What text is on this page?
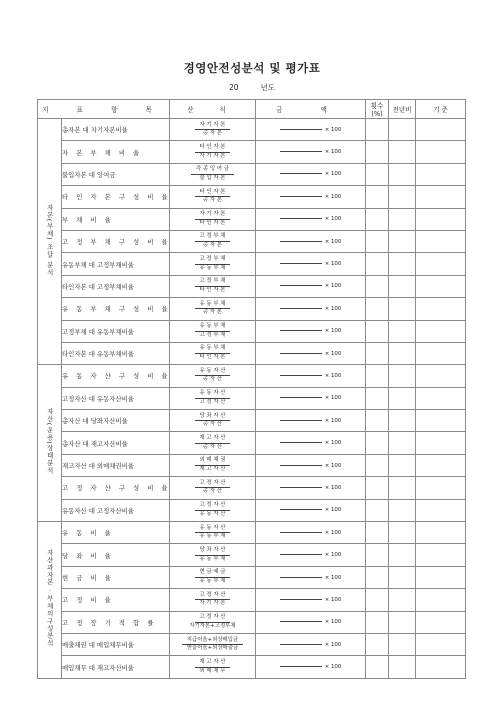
경영안전성분석 및 평가표
20	년도
지 표 항 목		산 식	금 액	횟수(%)	전년비	기 준
자본(부채) 조달 분석	총자본 대 자기자본비율	자 기 자 본
총 자 본	× 100			
	자 본 부 채 비 율	타 인 자 본
자 기 자 본	× 100			
	불입자본 대 잉여금	각 종 잉 여 금
불 입 자 본	× 100			
	타 인 자 본 구 성 비 율	타 인 자 본
총 자 본	× 100			
	부 채 비 율	자 기 자 본
타 인 자 본	× 100			
	고 정 부 채 구 성 비 율	고 정 부 채
총 자 본	× 100			
	유동부채 대 고정부채비율	고 정 부 채
유 동 부 채	× 100			
	타인자본 대 고정부채비율	고 정 부 채
타 인 자 본	× 100			
	유 동 부 채 구 성 비 율	유 동 부 채
총 자 본	× 100			
	고정부채 대 유동부채비율	유 동 부 채
고 정 부 채	× 100			
	타인자본 대 유동부채비율	유 동 부 채
타 인 자 본	× 100			
자산(운용)상태분석	유 동 자 산 구 성 비 율	유 동 자 산
총 자 산	× 100			
	고정자산 대 유동자산비율	유 동 자 산
고 정 자 산	× 100			
	총자산 대 당좌자산비율	당 좌 자 산
총 자 산	× 100			
	총자산 대 재고자산비율	재 고 자 산
총 자 산	× 100			
	재고자산 대 외매채권비율	외 매 채 권
재 고 자 산	× 100			
	고 정 자 산 구 성 비 율	고 정 자 산
총 자 산	× 100			
	유동자산 대 고정자산비율	고 정 자 산
유 동 자 산	× 100			
자산과자본 · 부채의구성분석	유 동 비 율	유 동 자 산
유 동 부 채	× 100			
	당 좌 비 율	당 좌 자 산
유 동 부 채	× 100			
	현 금 비 율	현 금 예 금
유 동 부 채	× 100			
	고 정 비 율	고 정 자 산
자 기 자 본	× 100			
	고 정 장 기 적 합 률	고 정 자 산
자기자본+고정부채	× 100			
	매출채권 대 매입채무비율	지급어음+외상매입금
받을어음+외상매출금	× 100			
	매입채무 대 재고자산비율	재 고 자 산
외 매 채 무	× 100			
